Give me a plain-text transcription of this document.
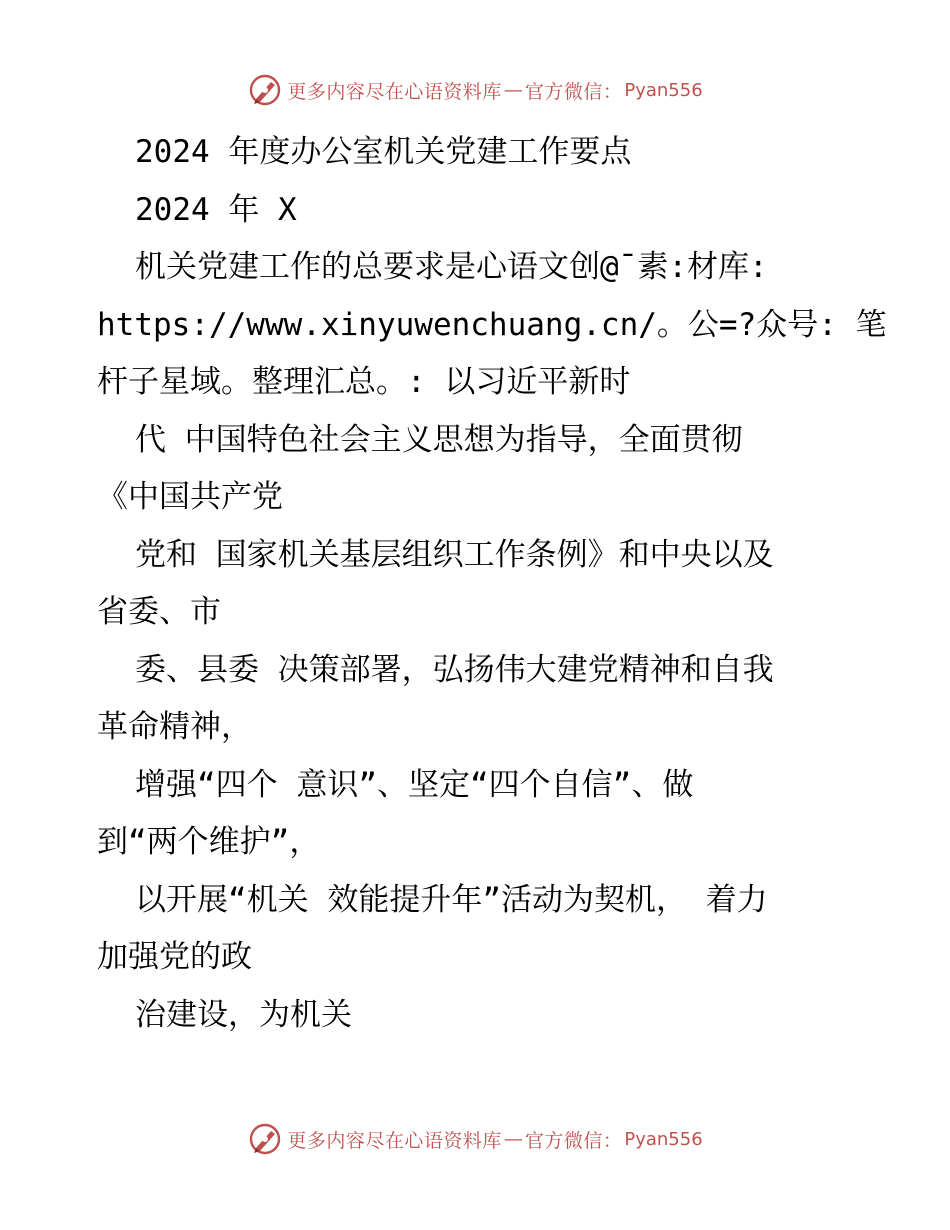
更多内容尽在心语资料库 — 官方微信： Pyan556
2024 年度办公室机关党建工作要点
2024 年 X
机关党建工作的总要求是心语文创@¯素:材库:
https://www.xinyuwenchuang.cn/。公=?众号: 笔
杆子星域。整理汇总。: 以习近平新时
代 中国特色社会主义思想为指导，全面贯彻
《中国共产党
党和 国家机关基层组织工作条例》和中央以及
省委、市
委、县委 决策部署，弘扬伟大建党精神和自我
革命精神，
增强“四个 意识”、坚定“四个自信”、做
到“两个维护”，
以开展“机关 效能提升年”活动为契机， 着力
加强党的政
治建设，为机关
更多内容尽在心语资料库 — 官方微信： Pyan556
